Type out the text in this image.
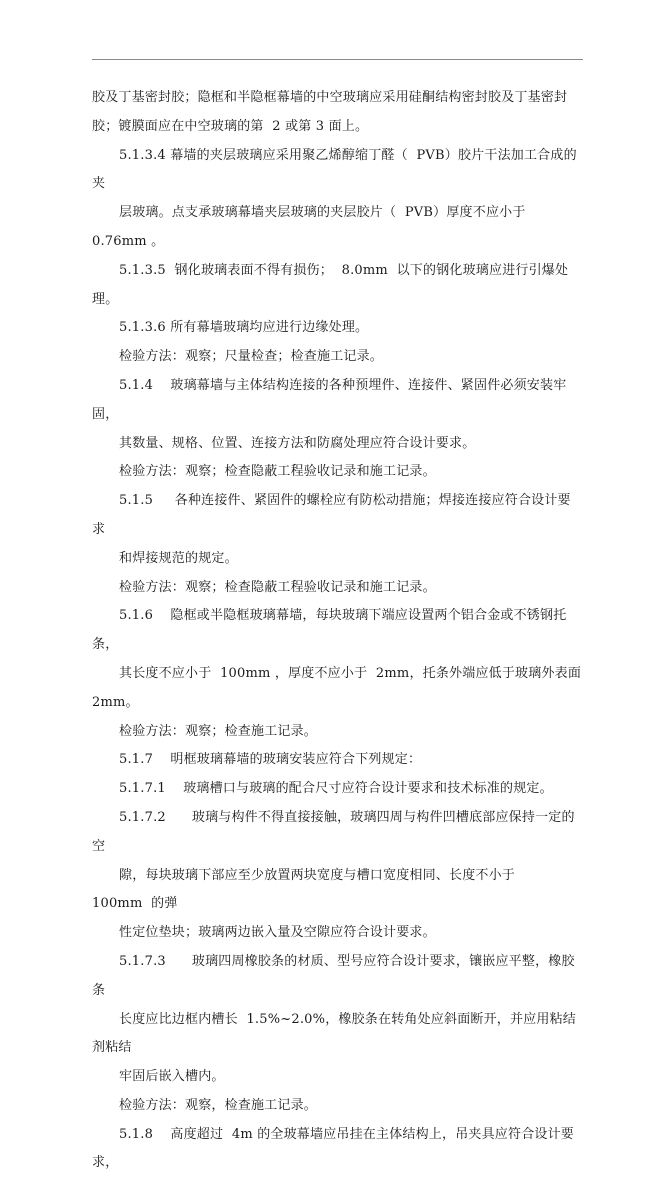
胶及丁基密封胶；隐框和半隐框幕墙的中空玻璃应采用硅酮结构密封胶及丁基密封
胶；镀膜面应在中空玻璃的第  2 或第 3 面上。

5.1.3.4 幕墙的夹层玻璃应采用聚乙烯醇缩丁醛（  PVB）胶片干法加工合成的夹
层玻璃。点支承玻璃幕墙夹层玻璃的夹层胶片（  PVB）厚度不应小于 0.76mm 。

5.1.3.5  钢化玻璃表面不得有损伤；  8.0mm  以下的钢化玻璃应进行引爆处理。

5.1.3.6 所有幕墙玻璃均应进行边缘处理。

检验方法：观察；尺量检查；检查施工记录。

5.1.4    玻璃幕墙与主体结构连接的各种预埋件、连接件、紧固件必须安装牢固，
其数量、规格、位置、连接方法和防腐处理应符合设计要求。

检验方法：观察；检查隐蔽工程验收记录和施工记录。

5.1.5     各种连接件、紧固件的螺栓应有防松动措施；焊接连接应符合设计要求
和焊接规范的规定。

检验方法：观察；检查隐蔽工程验收记录和施工记录。

5.1.6    隐框或半隐框玻璃幕墙，每块玻璃下端应设置两个铝合金或不锈钢托条，
其长度不应小于  100mm ，厚度不应小于  2mm，托条外端应低于玻璃外表面  2mm。

检验方法：观察；检查施工记录。

5.1.7    明框玻璃幕墙的玻璃安装应符合下列规定：

5.1.7.1    玻璃槽口与玻璃的配合尺寸应符合设计要求和技术标准的规定。

5.1.7.2      玻璃与构件不得直接接触，玻璃四周与构件凹槽底部应保持一定的空
隙，每块玻璃下部应至少放置两块宽度与槽口宽度相同、长度不小于    100mm  的弹
性定位垫块；玻璃两边嵌入量及空隙应符合设计要求。

5.1.7.3      玻璃四周橡胶条的材质、型号应符合设计要求，镶嵌应平整，橡胶条
长度应比边框内槽长  1.5%~2.0%，橡胶条在转角处应斜面断开，并应用粘结剂粘结
牢固后嵌入槽内。

检验方法：观察，检查施工记录。

5.1.8    高度超过  4m 的全玻幕墙应吊挂在主体结构上，吊夹具应符合设计要求，
